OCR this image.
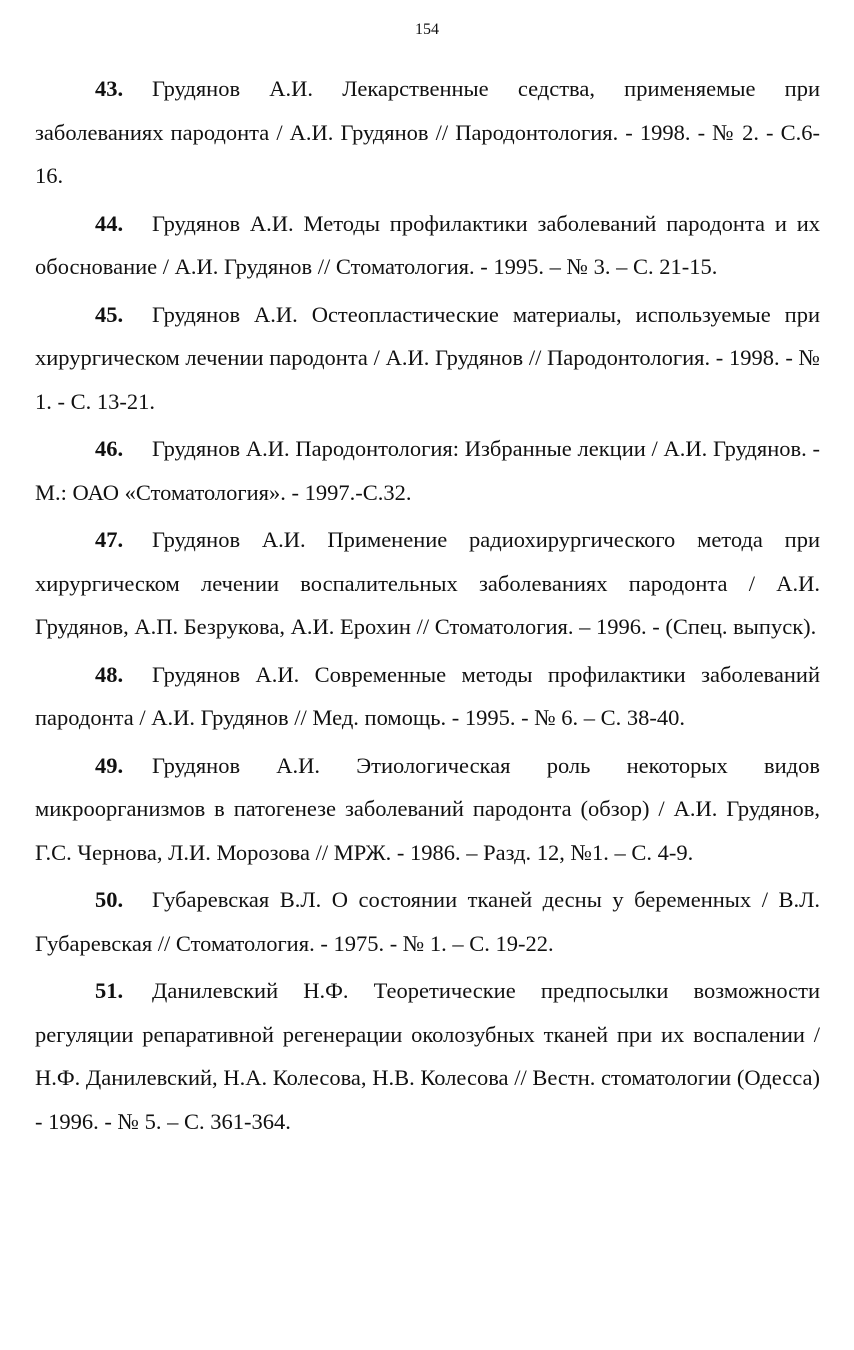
154

43. Грудянов А.И. Лекарственные седства, применяемые при заболеваниях пародонта / А.И. Грудянов // Пародонтология. - 1998. - № 2. - С.6-16.

44. Грудянов А.И. Методы профилактики заболеваний пародонта и их обоснование / А.И. Грудянов // Стоматология. - 1995. – № 3. – С. 21-15.

45. Грудянов А.И. Остеопластические материалы, используемые при хирургическом лечении пародонта / А.И. Грудянов // Пародонтология. - 1998. - № 1. - С. 13-21.

46. Грудянов А.И. Пародонтология: Избранные лекции / А.И. Грудянов. - М.: ОАО «Стоматология». - 1997.-С.32.

47. Грудянов А.И. Применение радиохирургического метода при хирургическом лечении воспалительных заболеваниях пародонта / А.И. Грудянов, А.П. Безрукова, А.И. Ерохин // Стоматология. – 1996. - (Спец. выпуск).

48. Грудянов А.И. Современные методы профилактики заболеваний пародонта / А.И. Грудянов // Мед. помощь. - 1995. - № 6. – С. 38-40.

49. Грудянов А.И. Этиологическая роль некоторых видов микроорганизмов в патогенезе заболеваний пародонта (обзор) / А.И. Грудянов, Г.С. Чернова, Л.И. Морозова // МРЖ. - 1986. – Разд. 12, №1. – С. 4-9.

50. Губаревская В.Л. О состоянии тканей десны у беременных / В.Л. Губаревская // Стоматология. - 1975. - № 1. – С. 19-22.

51. Данилевский Н.Ф. Теоретические предпосылки возможности регуляции репаративной регенерации околозубных тканей при их воспалении / Н.Ф. Данилевский, Н.А. Колесова, Н.В. Колесова // Вестн. стоматологии (Одесса) - 1996. - № 5. – С. 361-364.
